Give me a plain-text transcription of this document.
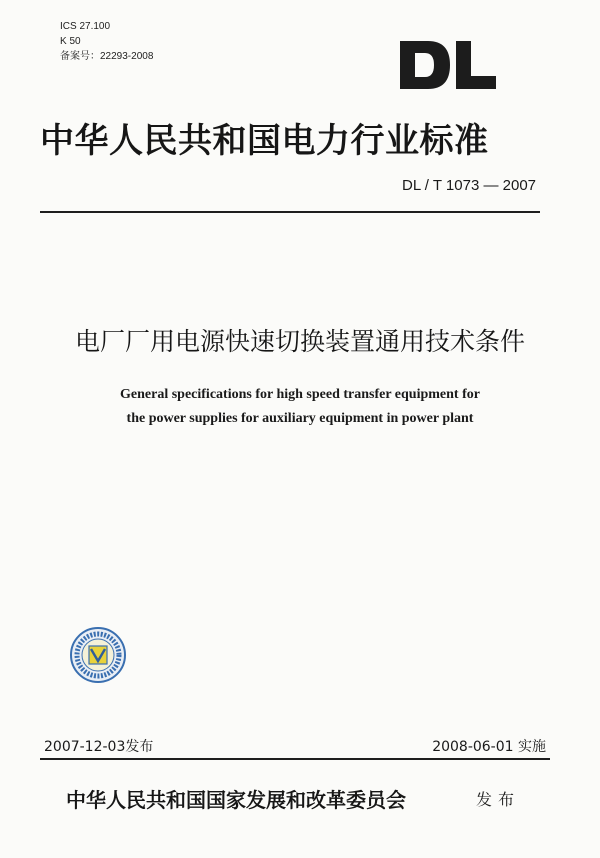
ICS 27.100
K 50
备案号：22293-2008
中华人民共和国电力行业标准
DL / T 1073 — 2007
电厂厂用电源快速切换装置通用技术条件
General specifications for high speed transfer equipment for
the power supplies for auxiliary equipment in power plant
2007-12-03发布	2008-06-01 实施
中华人民共和国国家发展和改革委员会	发布
